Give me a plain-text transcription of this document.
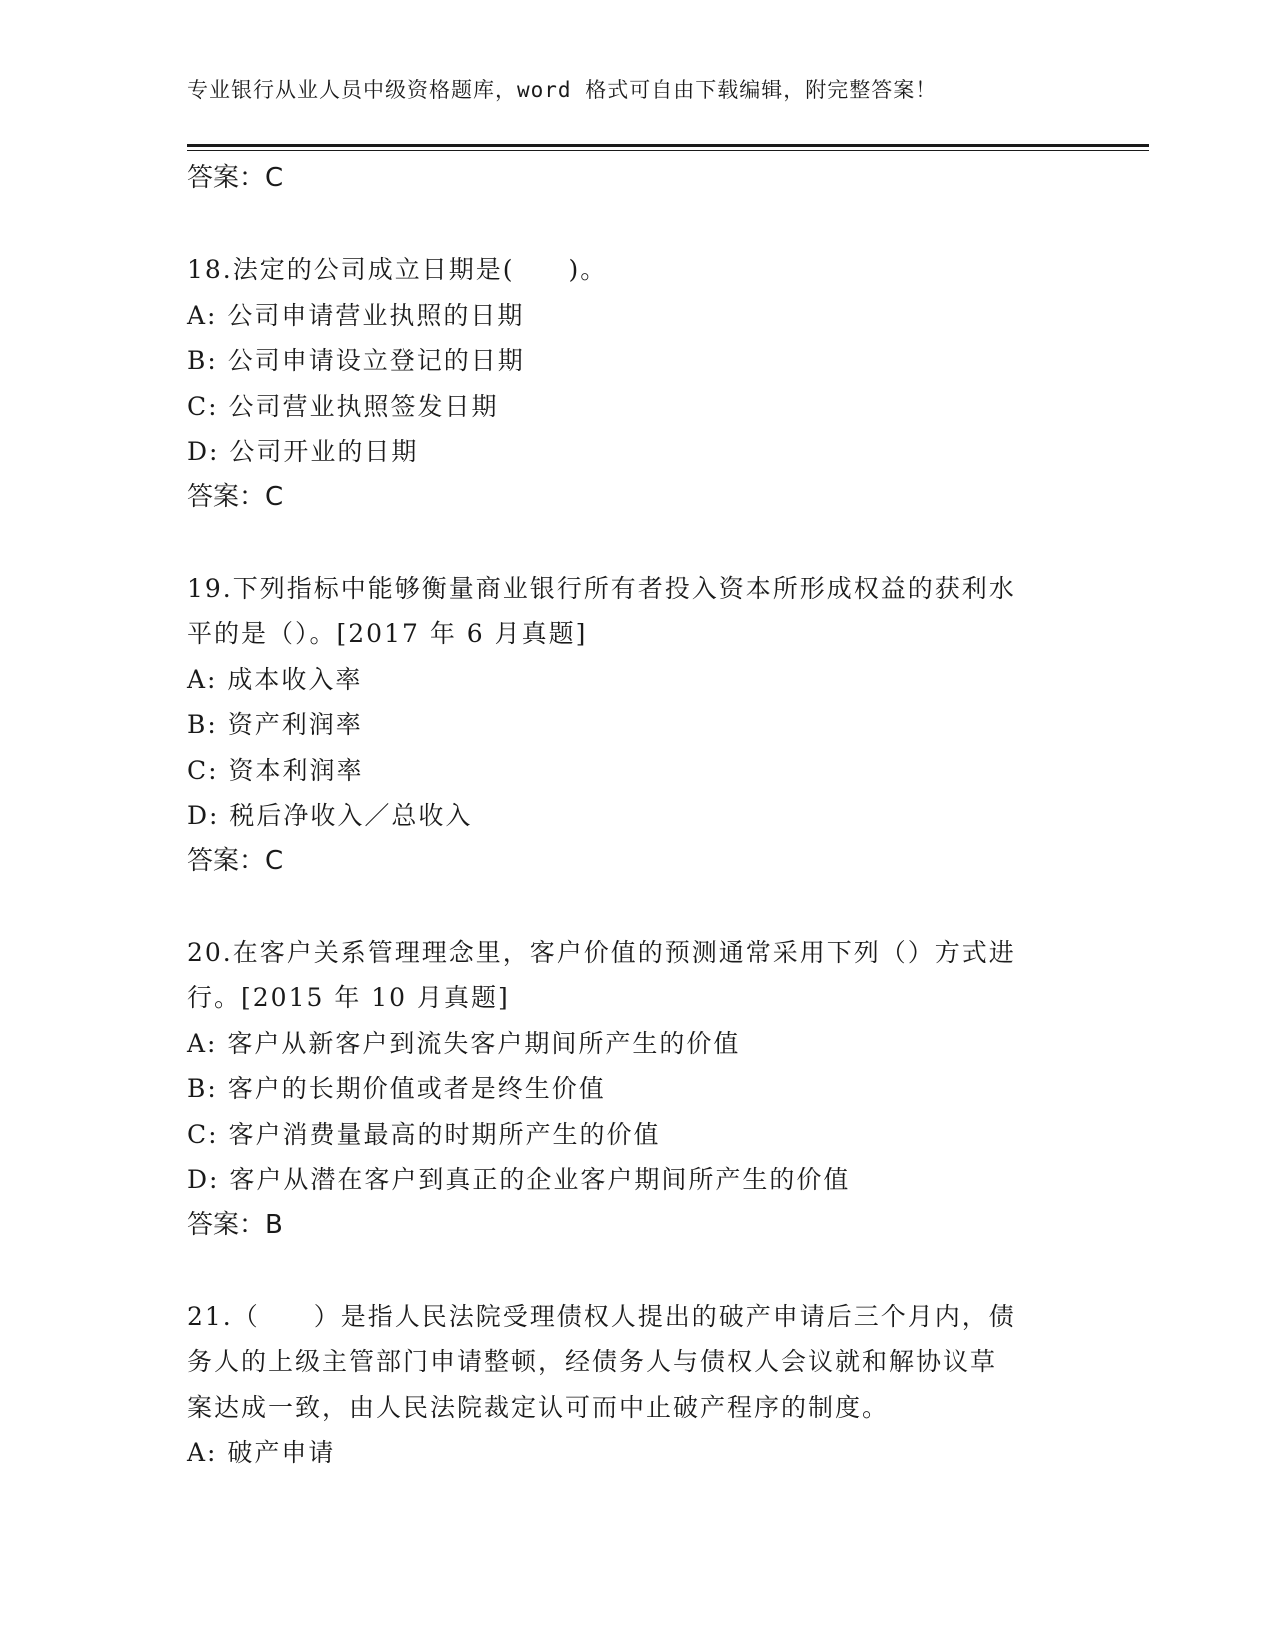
专业银行从业人员中级资格题库，word 格式可自由下载编辑，附完整答案！
答案：C
18.法定的公司成立日期是(　　)。
A: 公司申请营业执照的日期
B: 公司申请设立登记的日期
C: 公司营业执照签发日期
D: 公司开业的日期
答案：C
19.下列指标中能够衡量商业银行所有者投入资本所形成权益的获利水
平的是（）。[2017 年 6 月真题]
A: 成本收入率
B: 资产利润率
C: 资本利润率
D: 税后净收入／总收入
答案：C
20.在客户关系管理理念里，客户价值的预测通常采用下列（）方式进
行。[2015 年 10 月真题]
A: 客户从新客户到流失客户期间所产生的价值
B: 客户的长期价值或者是终生价值
C: 客户消费量最高的时期所产生的价值
D: 客户从潜在客户到真正的企业客户期间所产生的价值
答案：B
21.（　　）是指人民法院受理债权人提出的破产申请后三个月内，债
务人的上级主管部门申请整顿，经债务人与债权人会议就和解协议草
案达成一致，由人民法院裁定认可而中止破产程序的制度。
A: 破产申请
